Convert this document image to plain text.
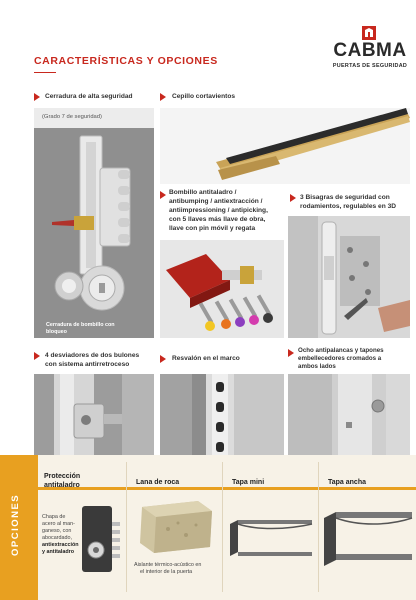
CARACTERÍSTICAS Y OPCIONES	CABMA
PUERTAS DE SEGURIDAD
Cerradura de alta seguridad
(Grado 7 de seguridad)
Cerradura de bombillo con
bloqueo
Cepillo cortavientos
Bombillo antitaladro /
antibumping / antiextracción /
antiimpressioning / antipicking,
con 5 llaves más llave de obra,
llave con pin móvil y regata
3 Bisagras de seguridad con
rodamientos, regulables en 3D
4 desviadores de dos bulones
con sistema antirretroceso
Resvalón en el marco
Ocho antipalancas y tapones
embellecedores cromados a
ambos lados
OPCIONES
Protección
antitaladro	Lana de roca	Tapa mini	Tapa ancha
Chapa de
acero al man-
ganeso, con
abocardado,
antiextracción
y antitaladro
Aislante térmico-acústico en
el interior de la puerta
